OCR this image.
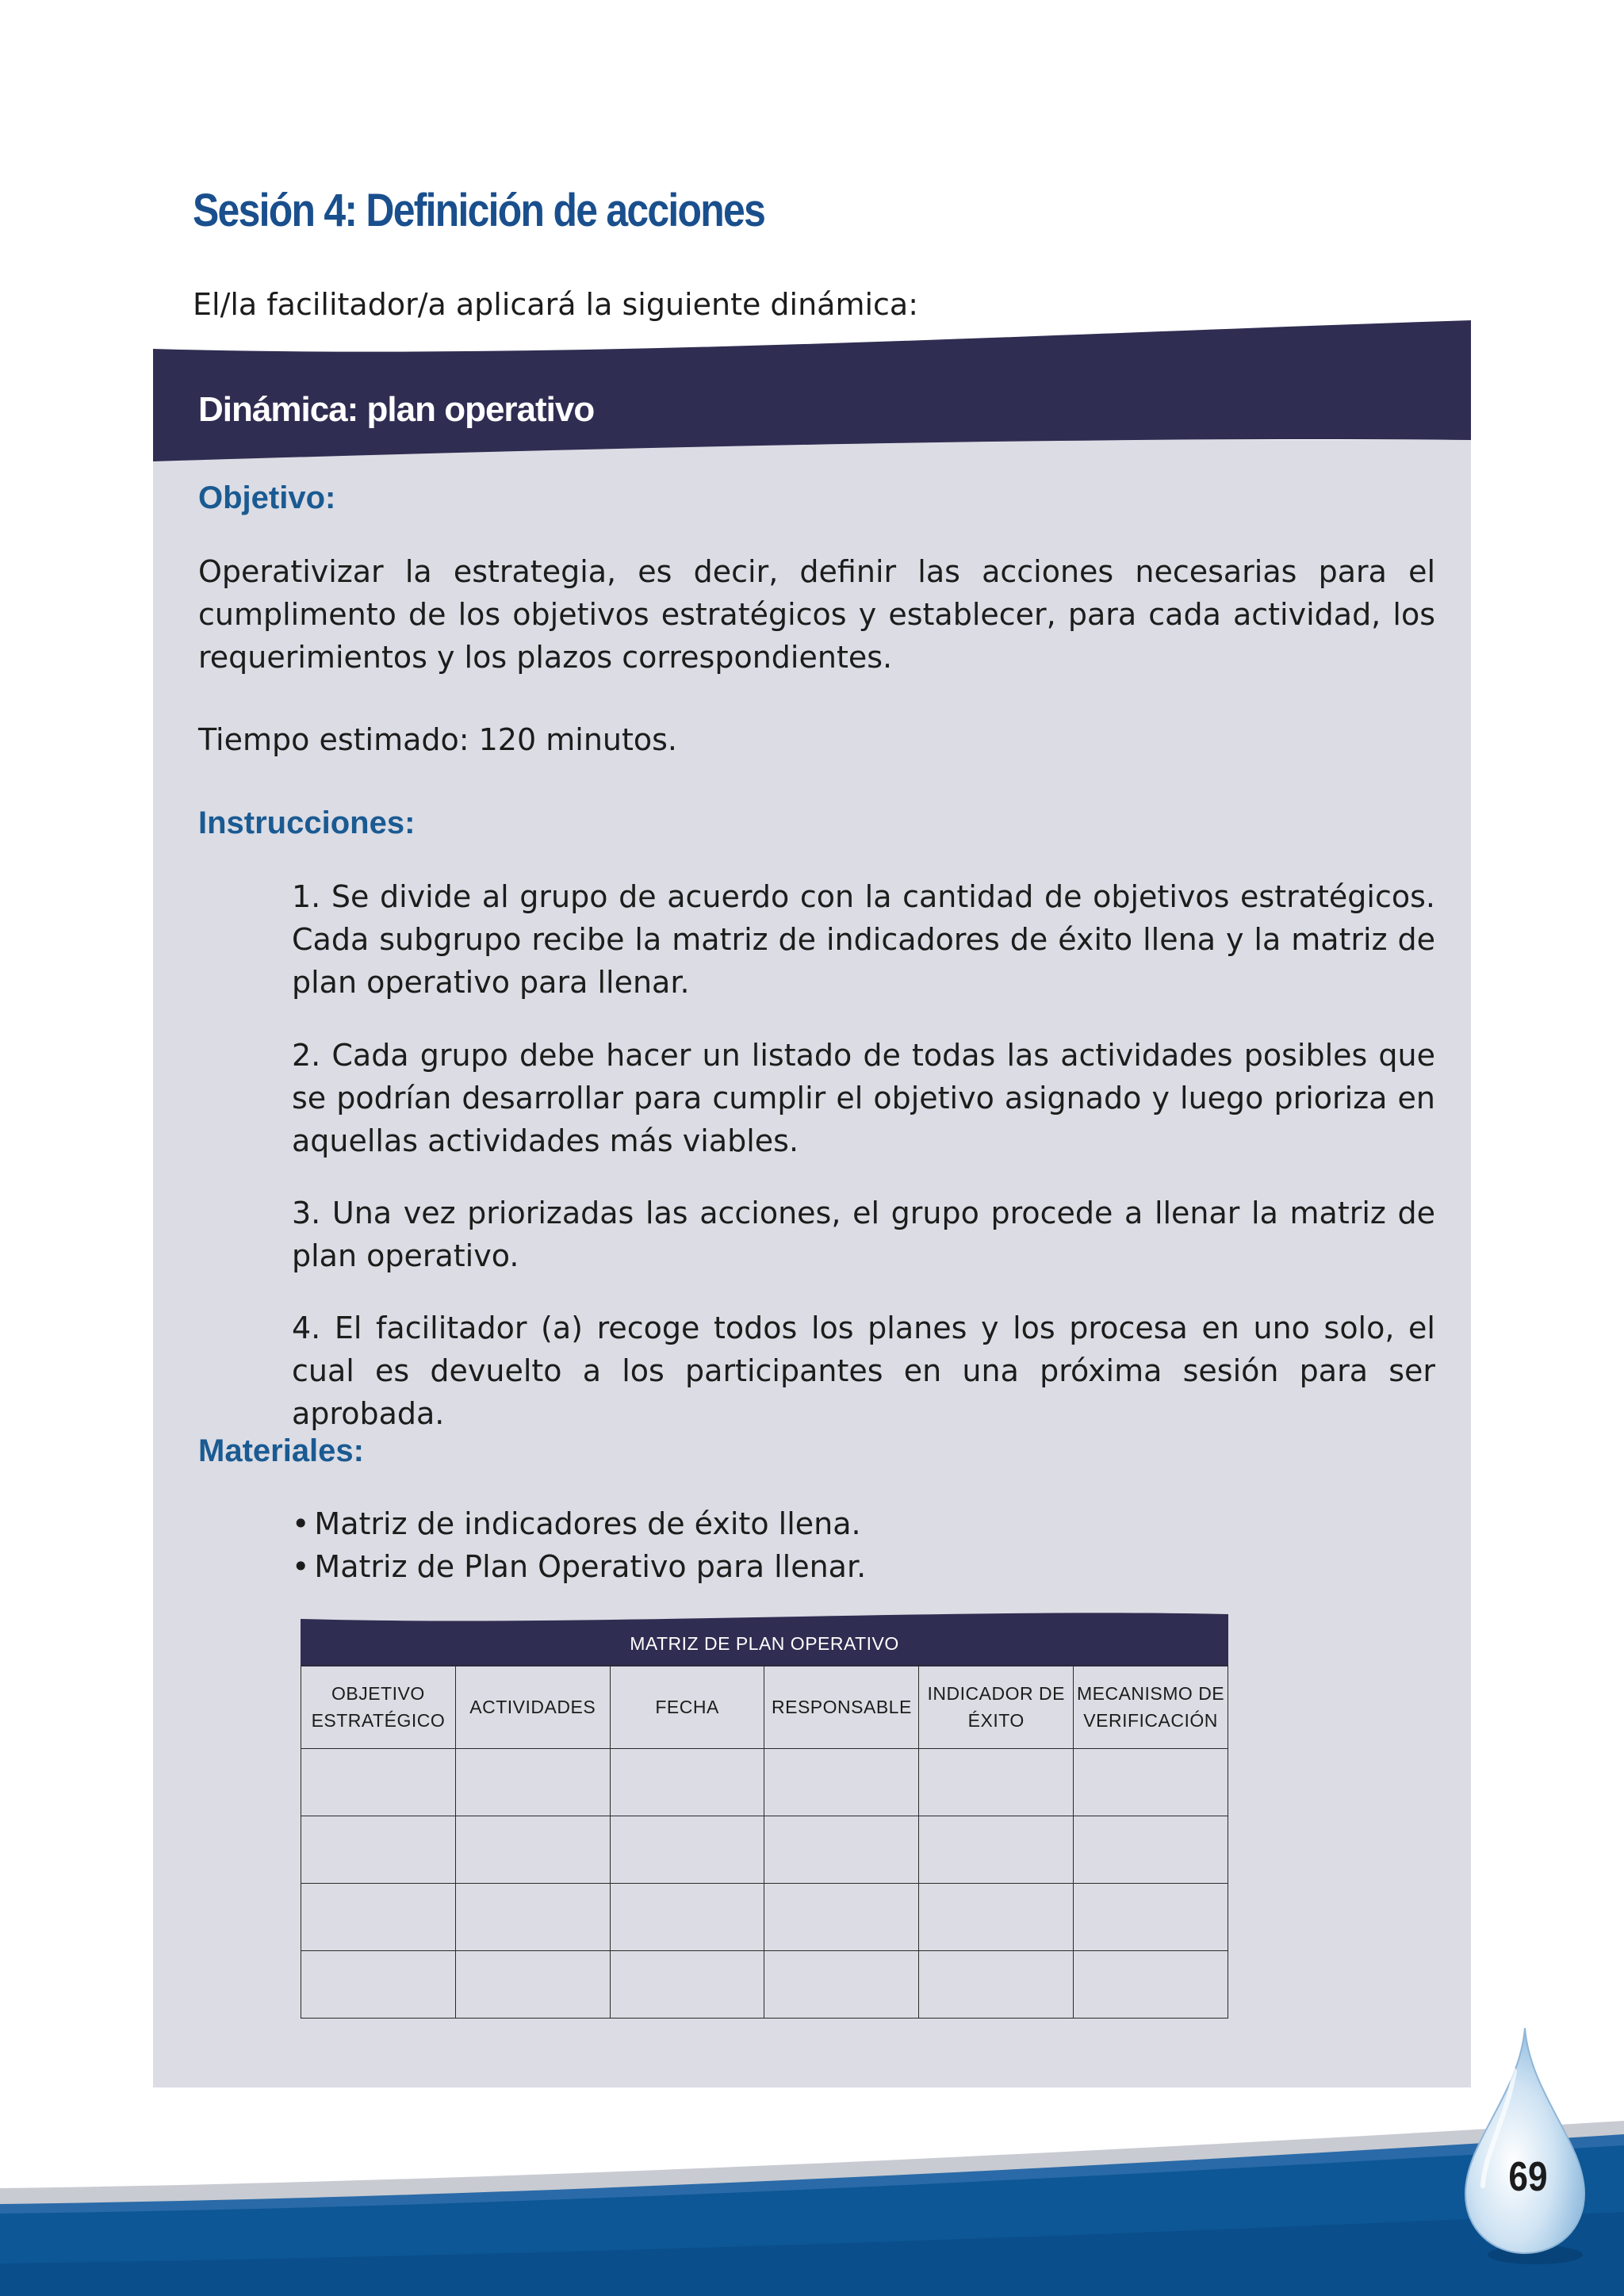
Sesión 4: Definición de acciones

El/la facilitador/a aplicará la siguiente dinámica:

Dinámica: plan operativo
Objetivo:

Operativizar la estrategia, es decir, definir las acciones necesarias para el cumplimento de los objetivos estratégicos y establecer, para cada actividad, los requerimientos y los plazos correspondientes.

Tiempo estimado: 120 minutos.

Instrucciones:

1. Se divide al grupo de acuerdo con la cantidad de objetivos estratégicos. Cada subgrupo recibe la matriz de indicadores de éxito llena y la matriz de plan operativo para llenar.

2. Cada grupo debe hacer un listado de todas las actividades posibles que se podrían desarrollar para cumplir el objetivo asignado y luego prioriza en aquellas actividades más viables.

3. Una vez priorizadas las acciones, el grupo procede a llenar la matriz de plan operativo.

4. El facilitador (a) recoge todos los planes y los procesa en uno solo, el cual es devuelto a los participantes en una próxima sesión para ser aprobada.

Materiales:
• Matriz de indicadores de éxito llena.
• Matriz de Plan Operativo para llenar.

MATRIZ DE PLAN OPERATIVO

OBJETIVO ESTRATÉGICO	ACTIVIDADES	FECHA	RESPONSABLE	INDICADOR DE ÉXITO	MECANISMO DE VERIFICACIÓN

69
